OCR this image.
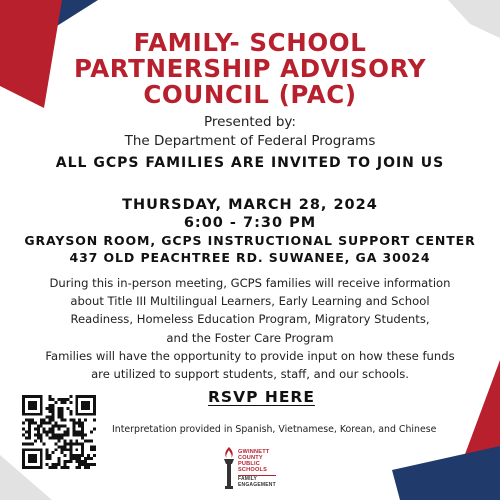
FAMILY- SCHOOL
PARTNERSHIP ADVISORY
COUNCIL (PAC)
Presented by:
The Department of Federal Programs
ALL GCPS FAMILIES ARE INVITED TO JOIN US
THURSDAY, MARCH 28, 2024
6:00 - 7:30 PM
GRAYSON ROOM, GCPS INSTRUCTIONAL SUPPORT CENTER
437 OLD PEACHTREE RD. SUWANEE, GA 30024
During this in-person meeting, GCPS families will receive information
about Title III Multilingual Learners, Early Learning and School
Readiness, Homeless Education Program, Migratory Students,
and the Foster Care Program
Families will have the opportunity to provide input on how these funds
are utilized to support students, staff, and our schools.
RSVP HERE
Interpretation provided in Spanish, Vietnamese, Korean, and Chinese
GWINNETT
COUNTY
PUBLIC
SCHOOLS
FAMILY
ENGAGEMENT
